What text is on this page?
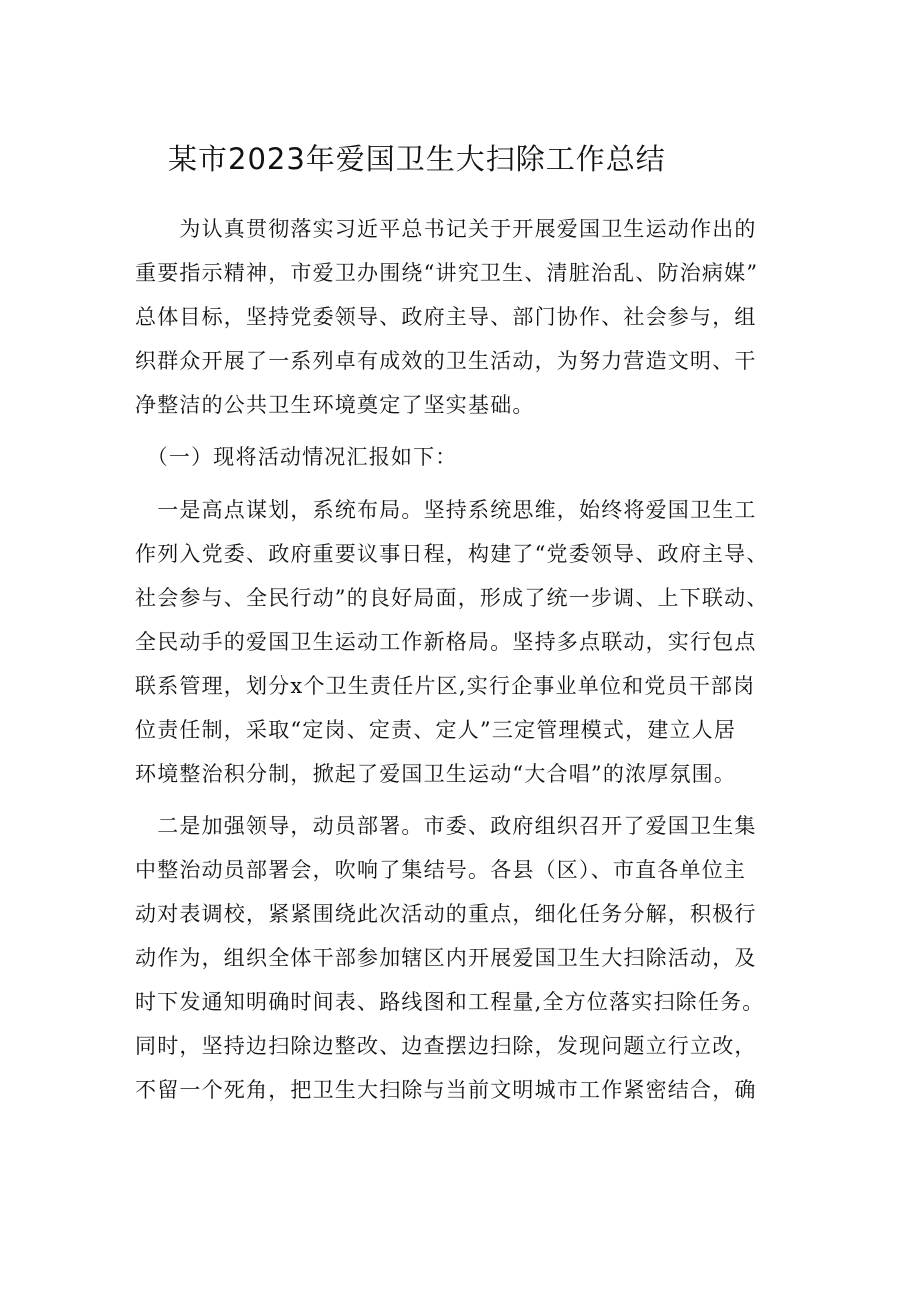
某市2023年爱国卫生大扫除工作总结
　　为认真贯彻落实习近平总书记关于开展爱国卫生运动作出的
重要指示精神，市爱卫办围绕“讲究卫生、清脏治乱、防治病媒”
总体目标，坚持党委领导、政府主导、部门协作、社会参与，组
织群众开展了一系列卓有成效的卫生活动，为努力营造文明、干
净整洁的公共卫生环境奠定了坚实基础。
　（一）现将活动情况汇报如下：
　一是高点谋划，系统布局。坚持系统思维，始终将爱国卫生工
作列入党委、政府重要议事日程，构建了“党委领导、政府主导、
社会参与、全民行动”的良好局面，形成了统一步调、上下联动、
全民动手的爱国卫生运动工作新格局。坚持多点联动，实行包点
联系管理，划分x个卫生责任片区,实行企事业单位和党员干部岗
位责任制，采取“定岗、定责、定人”三定管理模式，建立人居
环境整治积分制，掀起了爱国卫生运动“大合唱”的浓厚氛围。
　二是加强领导，动员部署。市委、政府组织召开了爱国卫生集
中整治动员部署会，吹响了集结号。各县（区）、市直各单位主
动对表调校，紧紧围绕此次活动的重点，细化任务分解，积极行
动作为，组织全体干部参加辖区内开展爱国卫生大扫除活动，及
时下发通知明确时间表、路线图和工程量,全方位落实扫除任务。
同时，坚持边扫除边整改、边查摆边扫除，发现问题立行立改，
不留一个死角，把卫生大扫除与当前文明城市工作紧密结合，确
